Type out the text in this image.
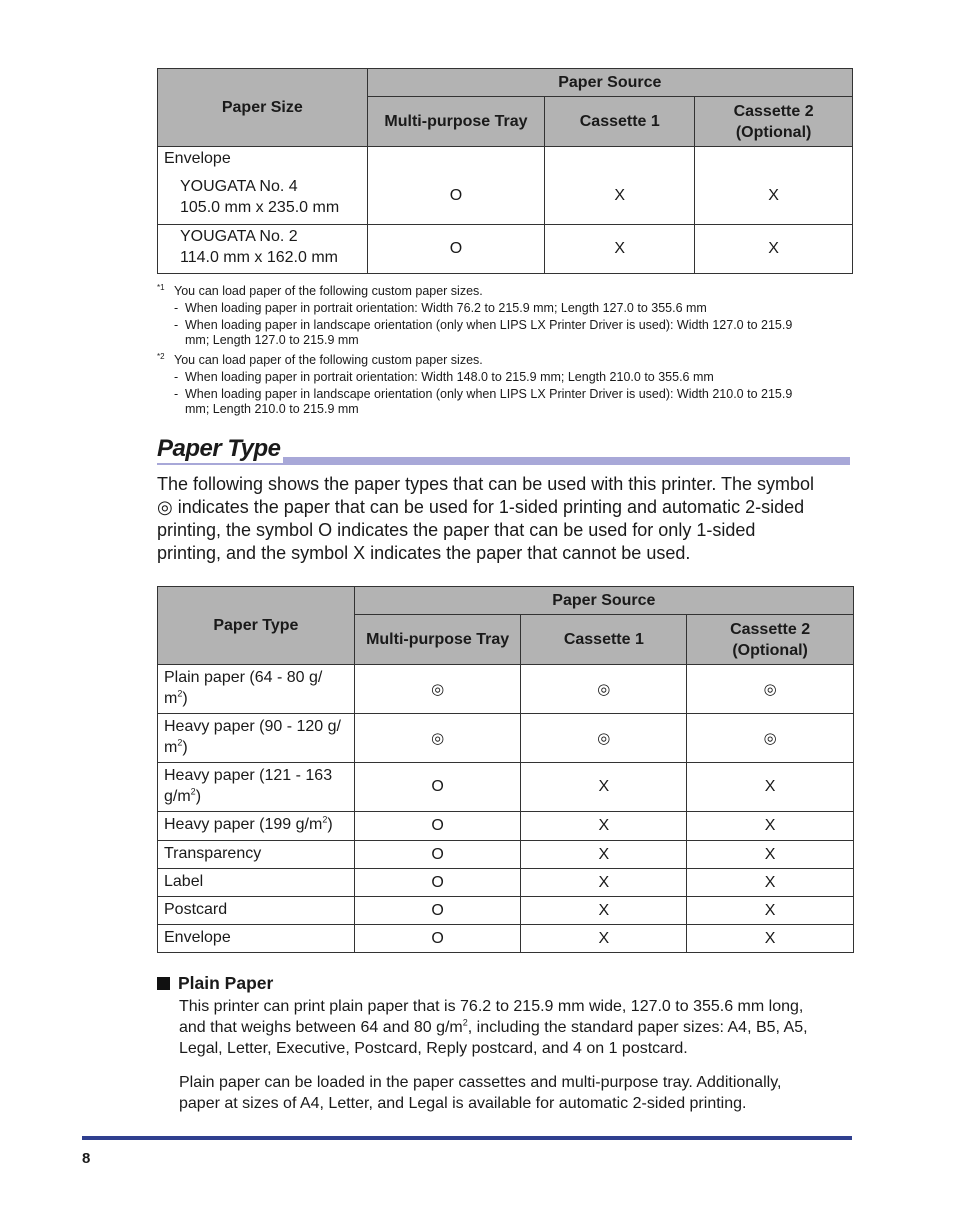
Paper Size	Paper Source		
	Multi-purpose Tray	Cassette 1	Cassette 2
(Optional)

Envelope
YOUGATA No. 4
105.0 mm x 235.0 mm	O	X	X

YOUGATA No. 2
114.0 mm x 162.0 mm	O	X	X
*1 You can load paper of the following custom paper sizes.
- When loading paper in portrait orientation: Width 76.2 to 215.9 mm; Length 127.0 to 355.6 mm
- When loading paper in landscape orientation (only when LIPS LX Printer Driver is used): Width 127.0 to 215.9
mm; Length 127.0 to 215.9 mm
*2 You can load paper of the following custom paper sizes.
- When loading paper in portrait orientation: Width 148.0 to 215.9 mm; Length 210.0 to 355.6 mm
- When loading paper in landscape orientation (only when LIPS LX Printer Driver is used): Width 210.0 to 215.9
mm; Length 210.0 to 215.9 mm
Paper Type
The following shows the paper types that can be used with this printer. The symbol
◎ indicates the paper that can be used for 1-sided printing and automatic 2-sided
printing, the symbol O indicates the paper that can be used for only 1-sided
printing, and the symbol X indicates the paper that cannot be used.
Paper Type	Paper Source		
	Multi-purpose Tray	Cassette 1	Cassette 2
(Optional)

Plain paper (64 - 80 g/
$m^2$)	◎	◎	◎

Heavy paper (90 - 120 g/
$m^2$)	◎	◎	◎

Heavy paper (121 - 163
$g/m^2$)	O	X	X

Heavy paper (199 $g/m^2$)	O	X	X

Transparency	O	X	X

Label	O	X	X

Postcard	O	X	X

Envelope	O	X	X
Plain Paper
This printer can print plain paper that is 76.2 to 215.9 mm wide, 127.0 to 355.6 mm long,
and that weighs between 64 and 80 $g/m^2$, including the standard paper sizes: A4, B5, A5,
Legal, Letter, Executive, Postcard, Reply postcard, and 4 on 1 postcard.
Plain paper can be loaded in the paper cassettes and multi-purpose tray. Additionally,
paper at sizes of A4, Letter, and Legal is available for automatic 2-sided printing.
8
